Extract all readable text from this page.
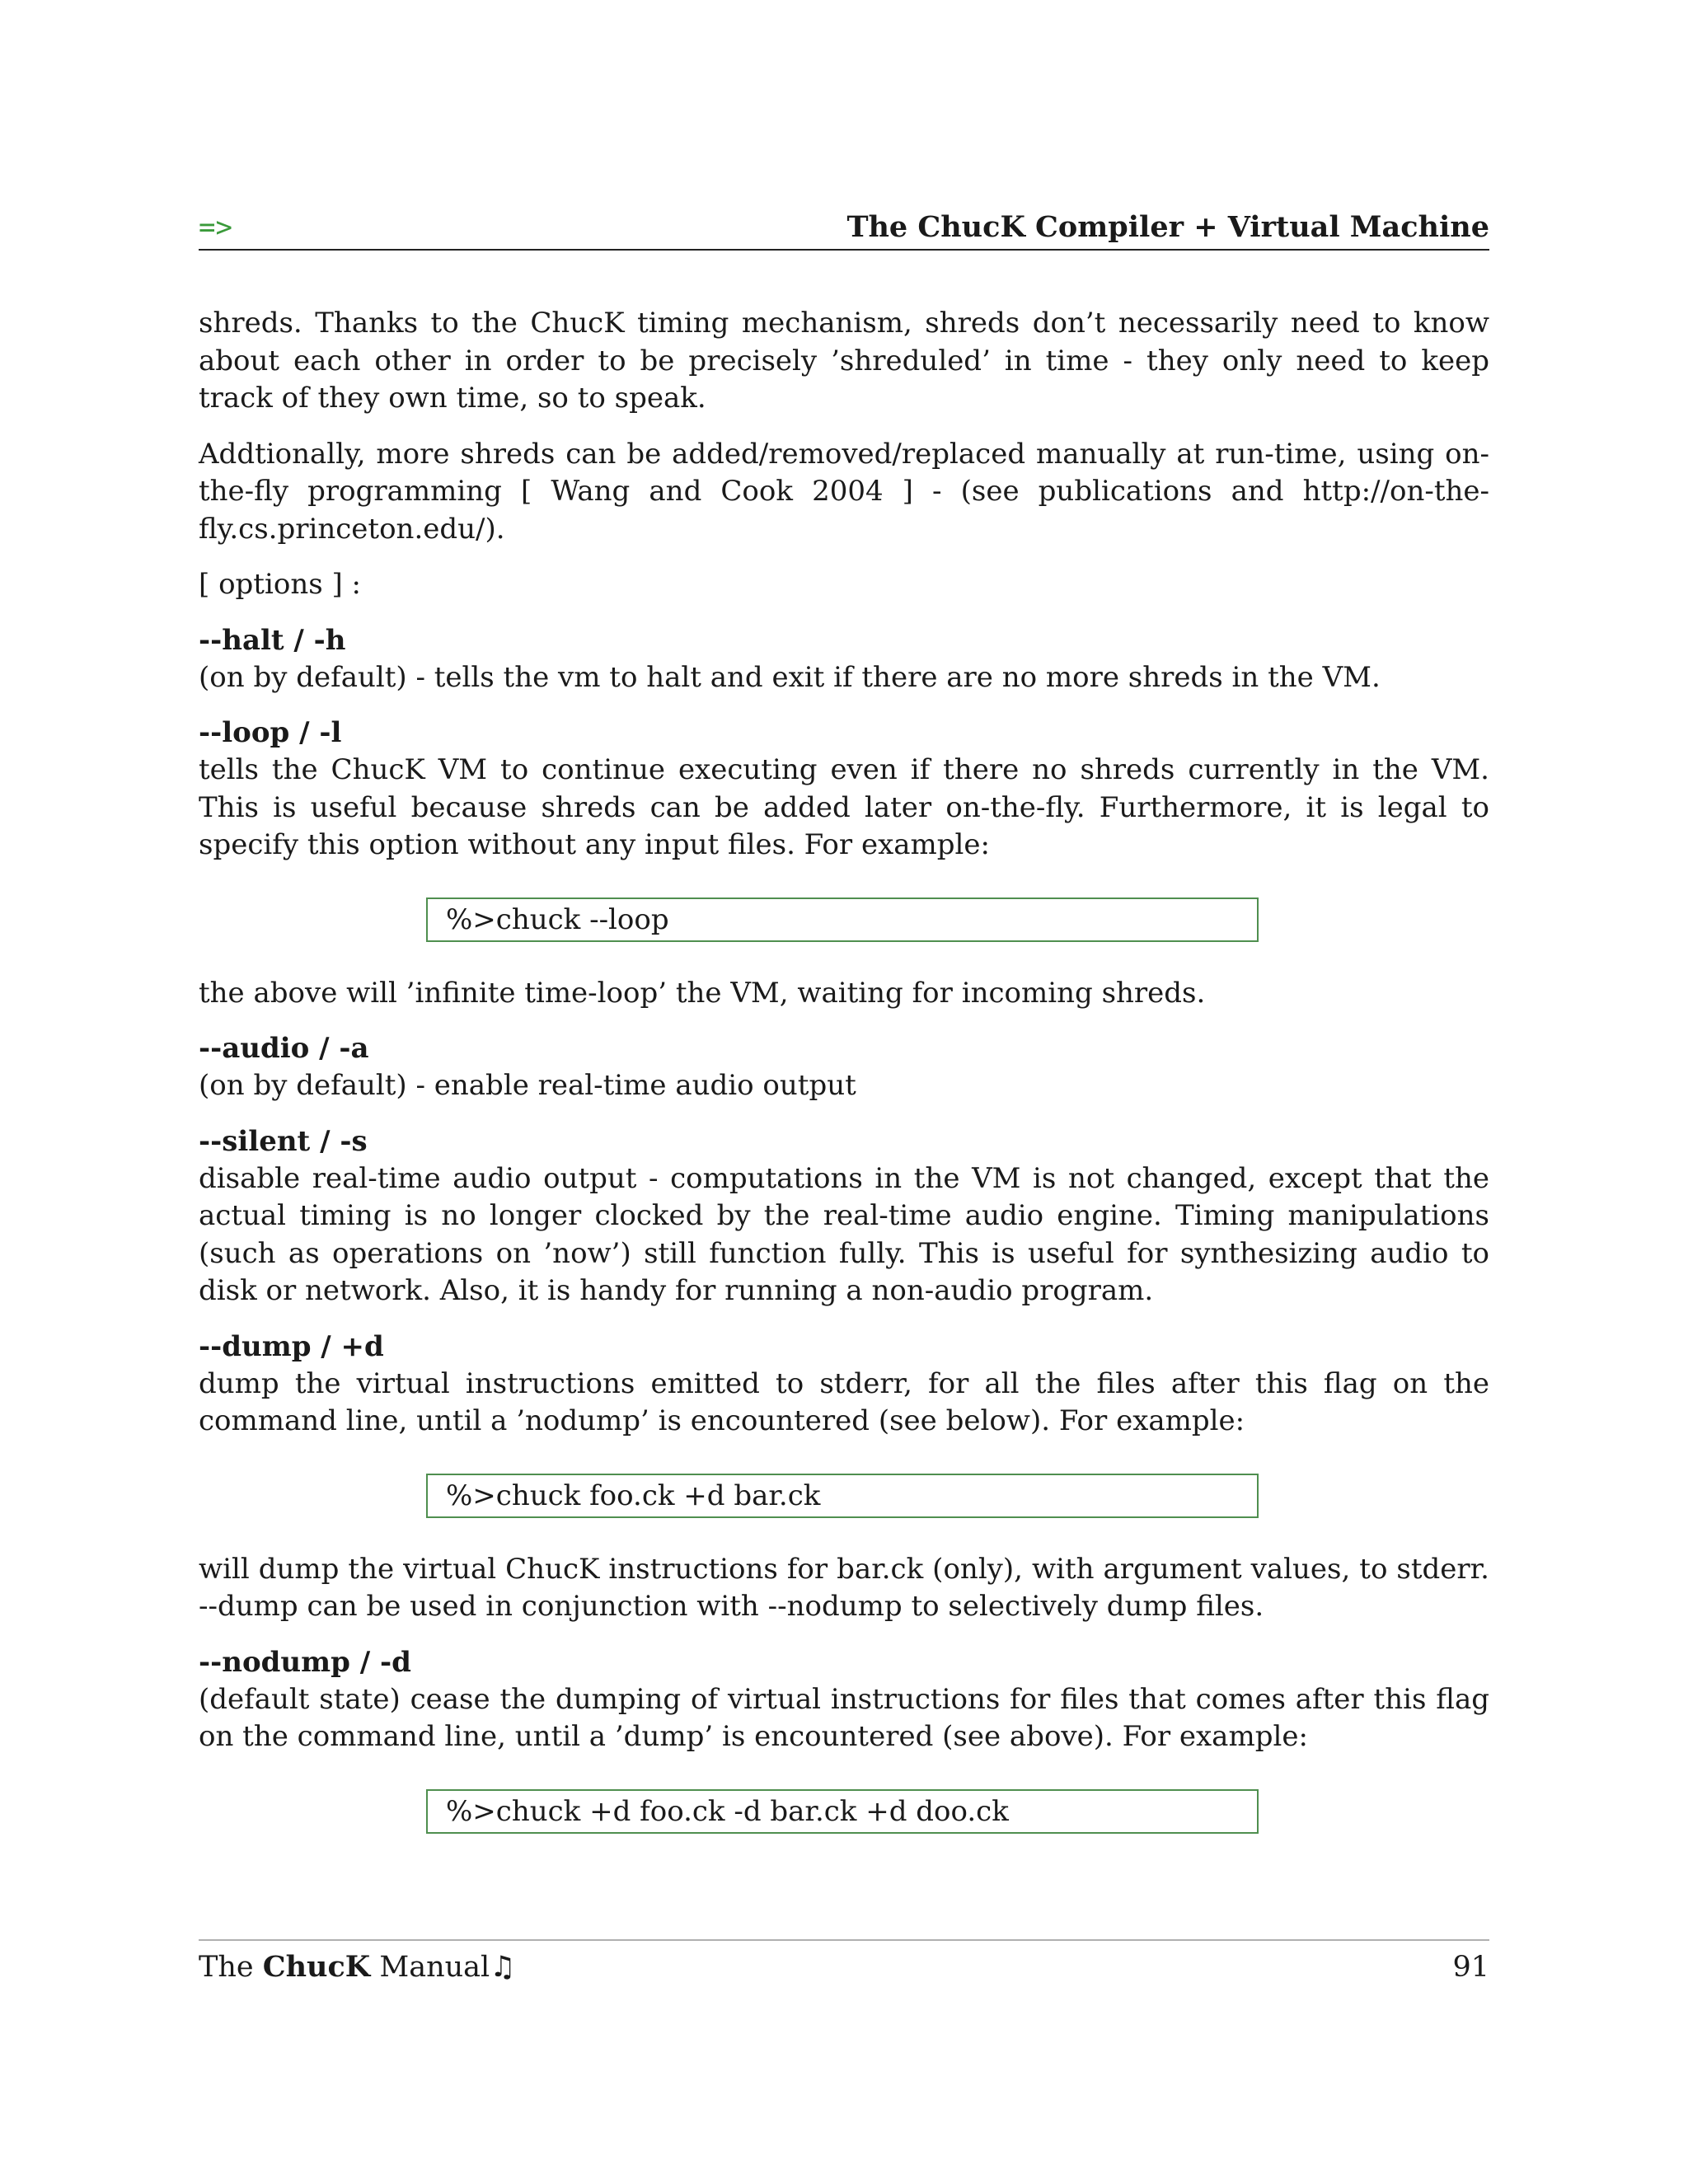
=>	The ChucK Compiler + Virtual Machine

shreds. Thanks to the ChucK timing mechanism, shreds don’t necessarily need to know about each other in order to be precisely ’shreduled’ in time - they only need to keep track of they own time, so to speak.

Addtionally, more shreds can be added/removed/replaced manually at run-time, using on-the-fly programming [ Wang and Cook 2004 ] - (see publications and http://on-the-fly.cs.princeton.edu/).

[ options ] :

--halt / -h

(on by default) - tells the vm to halt and exit if there are no more shreds in the VM.

--loop / -l

tells the ChucK VM to continue executing even if there no shreds currently in the VM. This is useful because shreds can be added later on-the-fly. Furthermore, it is legal to specify this option without any input files. For example:

%>chuck --loop

the above will ’infinite time-loop’ the VM, waiting for incoming shreds.

--audio / -a

(on by default) - enable real-time audio output

--silent / -s

disable real-time audio output - computations in the VM is not changed, except that the actual timing is no longer clocked by the real-time audio engine. Timing manipulations (such as operations on ’now’) still function fully. This is useful for synthesizing audio to disk or network. Also, it is handy for running a non-audio program.

--dump / +d

dump the virtual instructions emitted to stderr, for all the files after this flag on the command line, until a ’nodump’ is encountered (see below). For example:

%>chuck foo.ck +d bar.ck

will dump the virtual ChucK instructions for bar.ck (only), with argument values, to stderr. --dump can be used in conjunction with --nodump to selectively dump files.

--nodump / -d

(default state) cease the dumping of virtual instructions for files that comes after this flag on the command line, until a ’dump’ is encountered (see above). For example:

%>chuck +d foo.ck -d bar.ck +d doo.ck
The ChucK Manual♫	91
